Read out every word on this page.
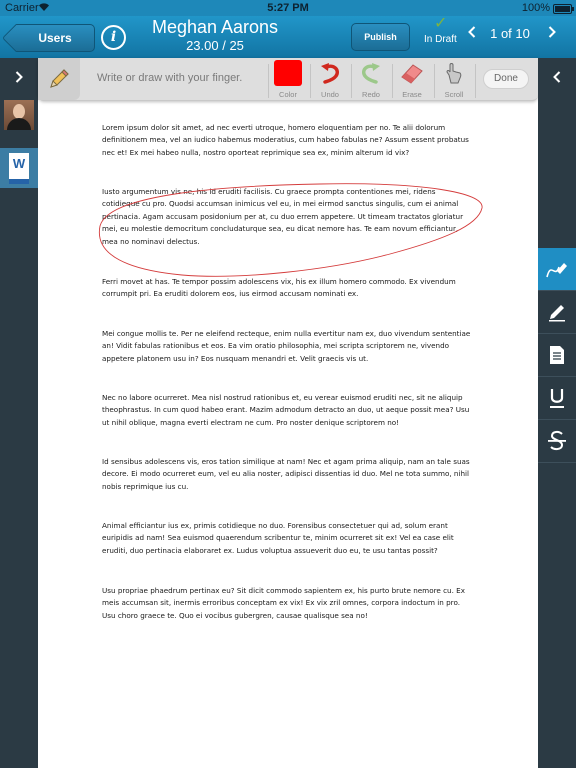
Carrier	5:27 PM	100%
Users	i	Meghan Aarons
23.00 / 25
Publish
✓
In Draft	1 of 10
W
Lorem ipsum dolor sit amet, ad nec everti utroque, homero eloquentiam per no. Te alii dolorum definitionem mea, vel an iudico habemus moderatius, cum habeo fabulas ne? Assum essent probatus nec et! Ex mei habeo nulla, nostro oporteat reprimique sea ex, minim alterum id vix?
Iusto argumentum vis ne, his id eruditi facilisis. Cu graece prompta contentiones mei, ridens cotidieque cu pro. Quodsi accumsan inimicus vel eu, in mei eirmod sanctus singulis, cum ei animal pertinacia. Agam accusam posidonium per at, cu duo errem appetere. Ut timeam tractatos gloriatur mei, eu molestie democritum concludaturque sea, eu dicat nemore has. Te eam novum efficiantur, mea no nominavi delectus.
Ferri movet at has. Te tempor possim adolescens vix, his ex illum homero commodo. Ex vivendum corrumpit pri. Ea eruditi dolorem eos, ius eirmod accusam nominati ex.
Mei congue mollis te. Per ne eleifend recteque, enim nulla evertitur nam ex, duo vivendum sententiae an! Vidit fabulas rationibus et eos. Ea vim oratio philosophia, mei scripta scriptorem ne, vivendo appetere platonem usu in? Eos nusquam menandri et. Velit graecis vis ut.
Nec no labore ocurreret. Mea nisl nostrud rationibus et, eu verear euismod eruditi nec, sit ne aliquip theophrastus. In cum quod habeo erant. Mazim admodum detracto an duo, ut aeque possit mea? Usu ut nihil oblique, magna everti electram ne cum. Pro noster denique scriptorem no!
Id sensibus adolescens vis, eros tation similique at nam! Nec et agam prima aliquip, nam an tale suas decore. Ei modo ocurreret eum, vel eu alia noster, adipisci dissentias id duo. Mel ne tota summo, nihil nobis reprimique ius cu.
Animal efficiantur ius ex, primis cotidieque no duo. Forensibus consectetuer qui ad, solum erant euripidis ad nam! Sea euismod quaerendum scribentur te, minim ocurreret sit ex! Vel ea case elit eruditi, duo pertinacia elaboraret ex. Ludus voluptua assueverit duo eu, te usu tantas possit?
Usu propriae phaedrum pertinax eu? Sit dicit commodo sapientem ex, his purto brute nemore cu. Ex meis accumsan sit, inermis erroribus conceptam ex vix! Ex vix zril omnes, corpora indoctum in pro. Usu choro graece te. Quo ei vocibus gubergren, causae qualisque sea no!
Write or draw with your finger.
Color	Undo	Redo	Erase	Scroll
Done
